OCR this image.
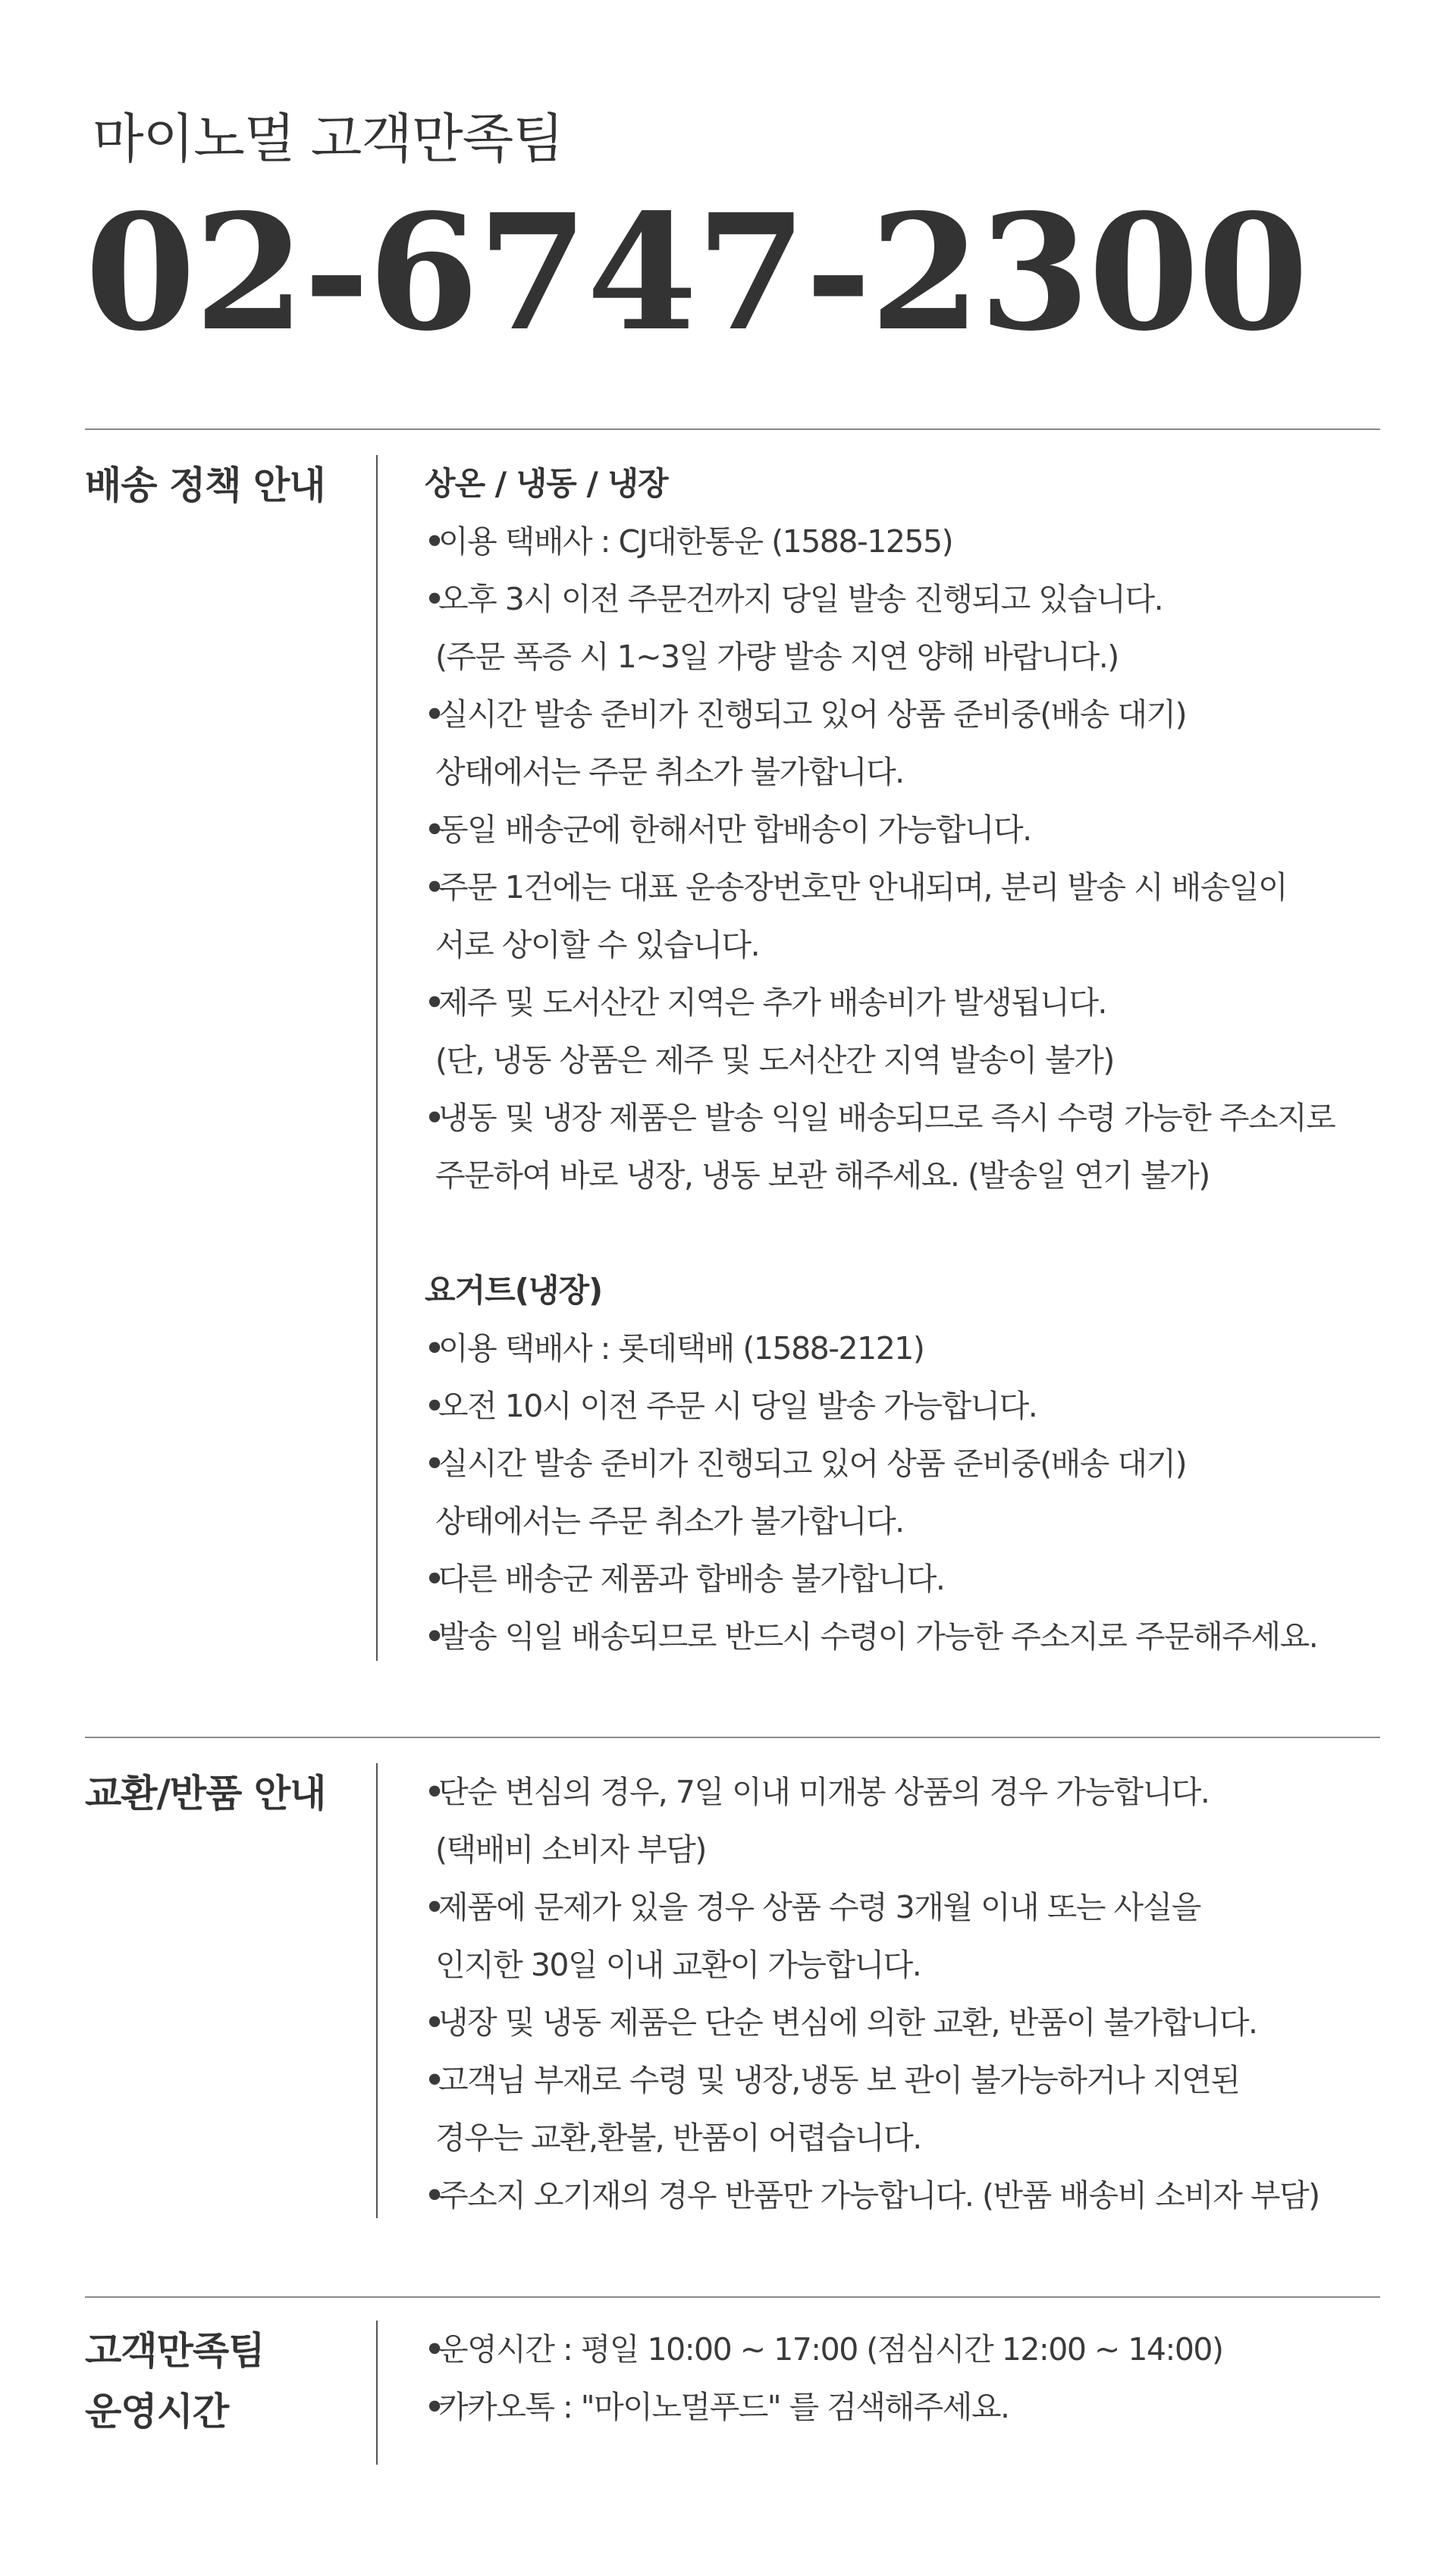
마이노멀 고객만족팀
02-6747-2300
배송 정책 안내	상온 / 냉동 / 냉장
•이용 택배사 : CJ대한통운 (1588-1255)
•오후 3시 이전 주문건까지 당일 발송 진행되고 있습니다.
(주문 폭증 시 1~3일 가량 발송 지연 양해 바랍니다.)
•실시간 발송 준비가 진행되고 있어 상품 준비중(배송 대기)
상태에서는 주문 취소가 불가합니다.
•동일 배송군에 한해서만 합배송이 가능합니다.
•주문 1건에는 대표 운송장번호만 안내되며, 분리 발송 시 배송일이
서로 상이할 수 있습니다.
•제주 및 도서산간 지역은 추가 배송비가 발생됩니다.
(단, 냉동 상품은 제주 및 도서산간 지역 발송이 불가)
•냉동 및 냉장 제품은 발송 익일 배송되므로 즉시 수령 가능한 주소지로
주문하여 바로 냉장, 냉동 보관 해주세요. (발송일 연기 불가)
요거트(냉장)
•이용 택배사 : 롯데택배 (1588-2121)
•오전 10시 이전 주문 시 당일 발송 가능합니다.
•실시간 발송 준비가 진행되고 있어 상품 준비중(배송 대기)
상태에서는 주문 취소가 불가합니다.
•다른 배송군 제품과 합배송 불가합니다.
•발송 익일 배송되므로 반드시 수령이 가능한 주소지로 주문해주세요.
교환/반품 안내	•단순 변심의 경우, 7일 이내 미개봉 상품의 경우 가능합니다.
(택배비 소비자 부담)
•제품에 문제가 있을 경우 상품 수령 3개월 이내 또는 사실을
인지한 30일 이내 교환이 가능합니다.
•냉장 및 냉동 제품은 단순 변심에 의한 교환, 반품이 불가합니다.
•고객님 부재로 수령 및 냉장,냉동 보 관이 불가능하거나 지연된
경우는 교환,환불, 반품이 어렵습니다.
•주소지 오기재의 경우 반품만 가능합니다. (반품 배송비 소비자 부담)
고객만족팀
운영시간
•운영시간 : 평일 10:00 ~ 17:00 (점심시간 12:00 ~ 14:00)
•카카오톡 : "마이노멀푸드" 를 검색해주세요.
